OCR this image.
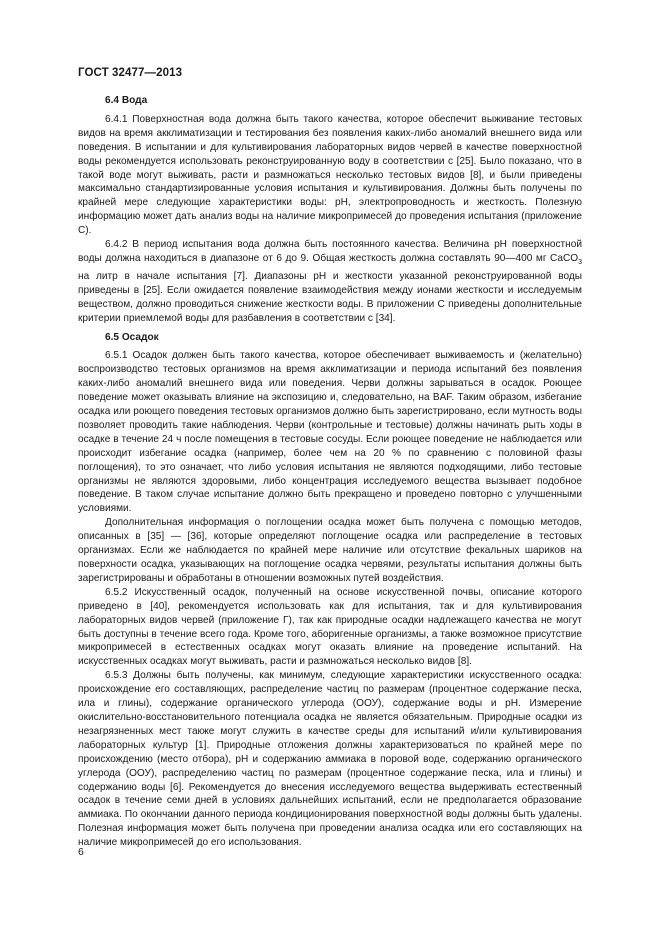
ГОСТ 32477—2013
6.4 Вода

6.4.1 Поверхностная вода должна быть такого качества, которое обеспечит выживание тестовых видов на время акклиматизации и тестирования без появления каких-либо аномалий внешнего вида или поведения. В испытании и для культивирования лабораторных видов червей в качестве поверхностной воды рекомендуется использовать реконструированную воду в соответствии с [25]. Было показано, что в такой воде могут выживать, расти и размножаться несколько тестовых видов [8], и были приведены максимально стандартизированные условия испытания и культивирования. Должны быть получены по крайней мере следующие характеристики воды: pH, электропроводность и жесткость. Полезную информацию может дать анализ воды на наличие микропримесей до проведения испытания (приложение С).

6.4.2 В период испытания вода должна быть постоянного качества. Величина pH поверхностной воды должна находиться в диапазоне от 6 до 9. Общая жесткость должна составлять 90—400 мг CaCO$_3$ на литр в начале испытания [7]. Диапазоны pH и жесткости указанной реконструированной воды приведены в [25]. Если ожидается появление взаимодействия между ионами жесткости и исследуемым веществом, должно проводиться снижение жесткости воды. В приложении С приведены дополнительные критерии приемлемой воды для разбавления в соответствии с [34].

6.5 Осадок

6.5.1 Осадок должен быть такого качества, которое обеспечивает выживаемость и (желательно) воспроизводство тестовых организмов на время акклиматизации и периода испытаний без появления каких-либо аномалий внешнего вида или поведения. Черви должны зарываться в осадок. Роющее поведение может оказывать влияние на экспозицию и, следовательно, на BAF. Таким образом, избегание осадка или роющего поведения тестовых организмов должно быть зарегистрировано, если мутность воды позволяет проводить такие наблюдения. Черви (контрольные и тестовые) должны начинать рыть ходы в осадке в течение 24 ч после помещения в тестовые сосуды. Если роющее поведение не наблюдается или происходит избегание осадка (например, более чем на 20 % по сравнению с половиной фазы поглощения), то это означает, что либо условия испытания не являются подходящими, либо тестовые организмы не являются здоровыми, либо концентрация исследуемого вещества вызывает подобное поведение. В таком случае испытание должно быть прекращено и проведено повторно с улучшенными условиями.

Дополнительная информация о поглощении осадка может быть получена с помощью методов, описанных в [35] — [36], которые определяют поглощение осадка или распределение в тестовых организмах. Если же наблюдается по крайней мере наличие или отсутствие фекальных шариков на поверхности осадка, указывающих на поглощение осадка червями, результаты испытания должны быть зарегистрированы и обработаны в отношении возможных путей воздействия.

6.5.2 Искусственный осадок, полученный на основе искусственной почвы, описание которого приведено в [40], рекомендуется использовать как для испытания, так и для культивирования лабораторных видов червей (приложение Г), так как природные осадки надлежащего качества не могут быть доступны в течение всего года. Кроме того, аборигенные организмы, а также возможное присутствие микропримесей в естественных осадках могут оказать влияние на проведение испытаний. На искусственных осадках могут выживать, расти и размножаться несколько видов [8].

6.5.3 Должны быть получены, как минимум, следующие характеристики искусственного осадка: происхождение его составляющих, распределение частиц по размерам (процентное содержание песка, ила и глины), содержание органического углерода (ООУ), содержание воды и pH. Измерение окислительно-восстановительного потенциала осадка не является обязательным. Природные осадки из незагрязненных мест также могут служить в качестве среды для испытаний и/или культивирования лабораторных культур [1]. Природные отложения должны характеризоваться по крайней мере по происхождению (место отбора), pH и содержанию аммиака в поровой воде, содержанию органического углерода (ООУ), распределению частиц по размерам (процентное содержание песка, ила и глины) и содержанию воды [6]. Рекомендуется до внесения исследуемого вещества выдерживать естественный осадок в течение семи дней в условиях дальнейших испытаний, если не предполагается образование аммиака. По окончании данного периода кондиционирования поверхностной воды должны быть удалены. Полезная информация может быть получена при проведении анализа осадка или его составляющих на наличие микропримесей до его использования.

6
